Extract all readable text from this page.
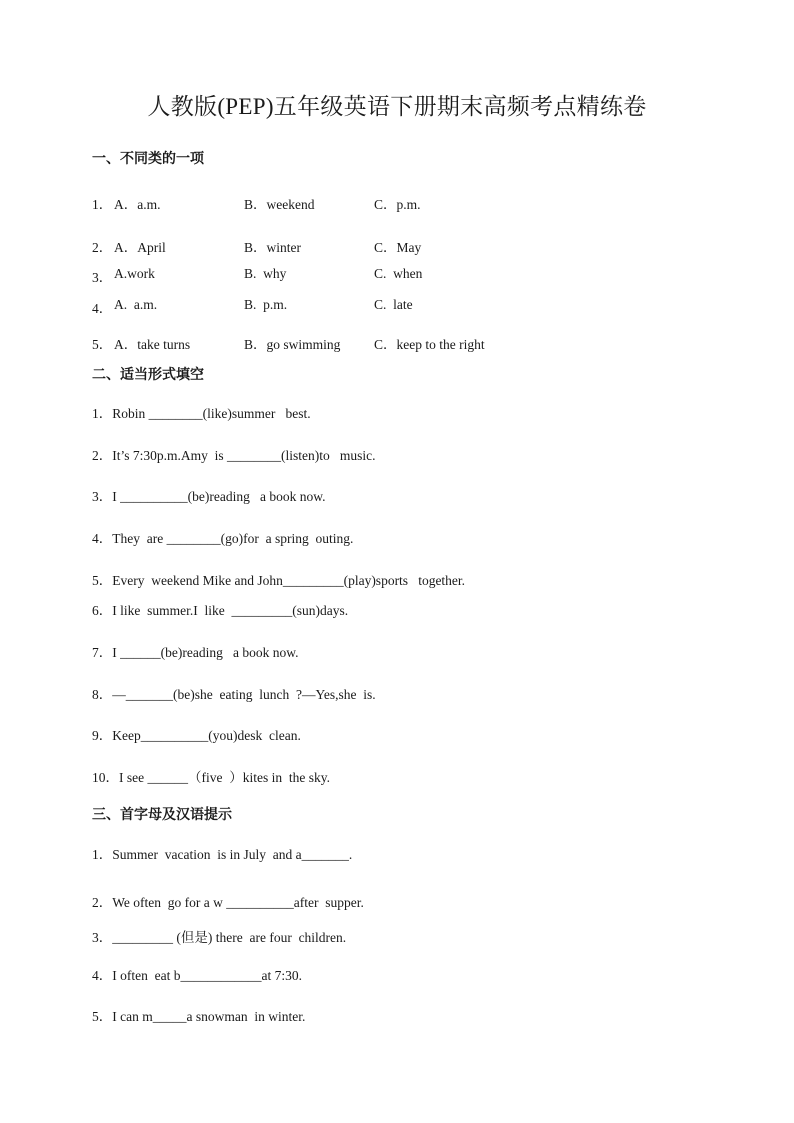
人教版(PEP)五年级英语下册期末高频考点精练卷
一、不同类的一项
1． A．a.m.	B．weekend	C．p.m.
2． A．April	B．winter	C．May
3． A.work	B.  why	C.  when
4． A.  a.m.	B.  p.m.	C.  late
5． A．take turns	B．go swimming C．keep to the right
二、适当形式填空
1．Robin ________(like)summer   best.
2．It’s 7:30p.m.Amy  is ________(listen)to   music.
3．I __________(be)reading   a book now.
4．They  are ________(go)for  a spring  outing.
5．Every  weekend Mike and John_________(play)sports   together.
6．I like  summer.I  like  _________(sun)days.
7．I ______(be)reading   a book now.
8．—_______(be)she  eating  lunch  ?—Yes,she  is.
9．Keep__________(you)desk  clean.
10．I see ______（five  ）kites in  the sky.
三、首字母及汉语提示
1．Summer  vacation  is in July  and a_______.
2．We often  go for a w __________after  supper.
3．_________ (但是) there  are four  children.
4．I often  eat b____________at 7:30.
5．I can m_____a snowman  in winter.
